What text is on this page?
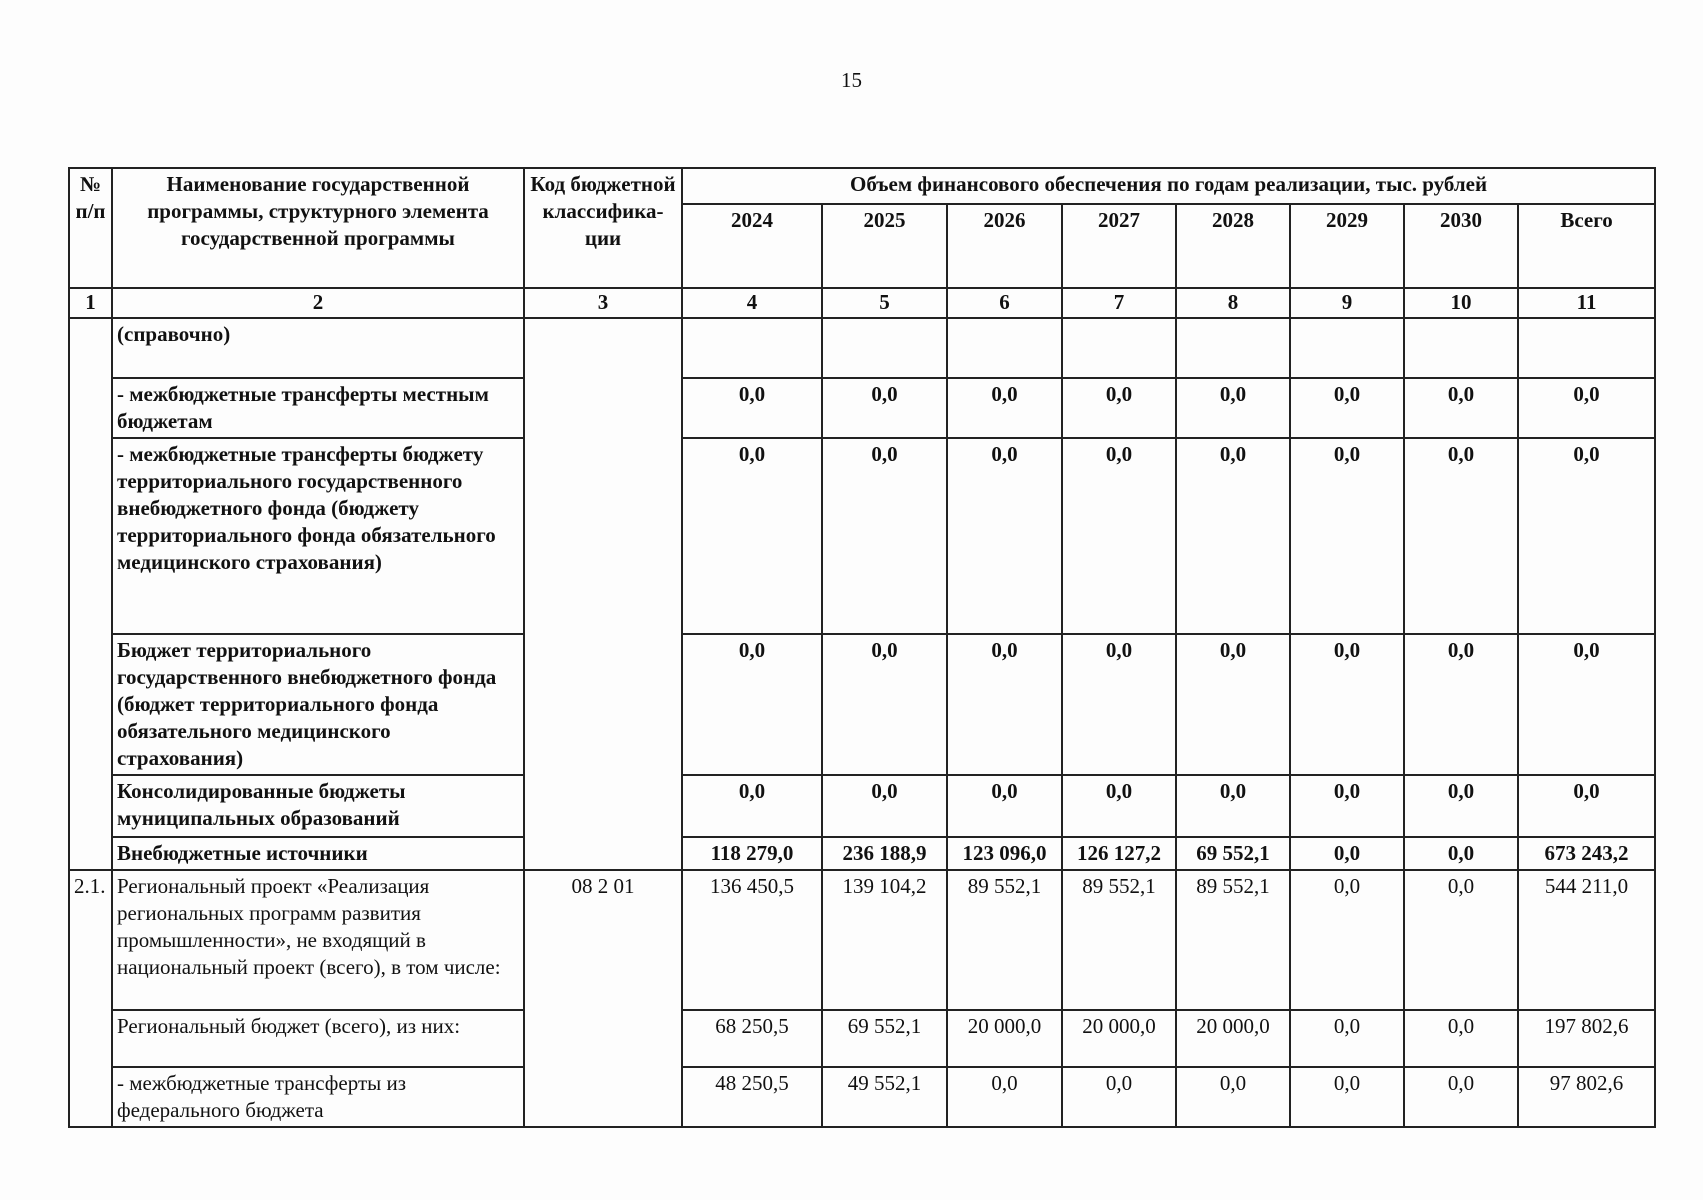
15
№ п/п	Наименование государственной программы, структурного элемента государственной программы	Код бюджетной классифика-ции	Объем финансового обеспечения по годам реализации, тыс. рублей							
			2024	2025	2026	2027	2028	2029	2030	Всего
1	2	3	4	5	6	7	8	9	10	11
	(справочно)									
	- межбюджетные трансферты местным бюджетам		0,0	0,0	0,0	0,0	0,0	0,0	0,0	0,0
	- межбюджетные трансферты бюджету территориального государственного внебюджетного фонда (бюджету территориального фонда обязательного медицинского страхования)		0,0	0,0	0,0	0,0	0,0	0,0	0,0	0,0
	Бюджет территориального государственного внебюджетного фонда (бюджет территориального фонда обязательного медицинского страхования)		0,0	0,0	0,0	0,0	0,0	0,0	0,0	0,0
	Консолидированные бюджеты муниципальных образований		0,0	0,0	0,0	0,0	0,0	0,0	0,0	0,0
	Внебюджетные источники		118 279,0	236 188,9	123 096,0	126 127,2	69 552,1	0,0	0,0	673 243,2
2.1.	Региональный проект «Реализация региональных программ развития промышленности», не входящий в национальный проект (всего), в том числе:	08 2 01	136 450,5	139 104,2	89 552,1	89 552,1	89 552,1	0,0	0,0	544 211,0
	Региональный бюджет (всего), из них:		68 250,5	69 552,1	20 000,0	20 000,0	20 000,0	0,0	0,0	197 802,6
	- межбюджетные трансферты из федерального бюджета		48 250,5	49 552,1	0,0	0,0	0,0	0,0	0,0	97 802,6
